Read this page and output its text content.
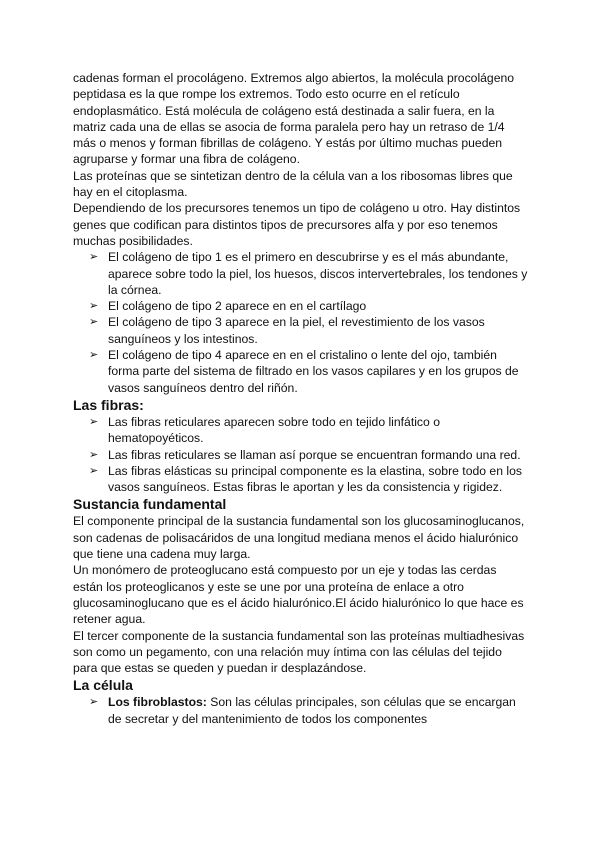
cadenas forman el procolágeno. Extremos algo abiertos, la molécula procolágeno peptidasa es la que rompe los extremos. Todo esto ocurre en el retículo endoplasmático. Está molécula de colágeno está destinada a salir fuera, en la matriz cada una de ellas se asocia de forma paralela pero hay un retraso de 1/4 más o menos y forman fibrillas de colágeno. Y estás por último muchas pueden agruparse y formar una fibra de colágeno.

Las proteínas que se sintetizan dentro de la célula van a los ribosomas libres que hay en el citoplasma.

Dependiendo de los precursores tenemos un tipo de colágeno u otro. Hay distintos genes que codifican para distintos tipos de precursores alfa y por eso tenemos muchas posibilidades.

➢ El colágeno de tipo 1 es el primero en descubrirse y es el más abundante, aparece sobre todo la piel, los huesos, discos intervertebrales, los tendones y la córnea.
➢ El colágeno de tipo 2 aparece en en el cartílago
➢ El colágeno de tipo 3 aparece en la piel, el revestimiento de los vasos sanguíneos y los intestinos.
➢ El colágeno de tipo 4 aparece en en el cristalino o lente del ojo, también forma parte del sistema de filtrado en los vasos capilares y en los grupos de vasos sanguíneos dentro del riñón.
Las fibras:
➢ Las fibras reticulares aparecen sobre todo en tejido linfático o hematopoyéticos.
➢ Las fibras reticulares se llaman así porque se encuentran formando una red.
➢ Las fibras elásticas su principal componente es la elastina, sobre todo en los vasos sanguíneos. Estas fibras le aportan y les da consistencia y rigidez.
Sustancia fundamental

El componente principal de la sustancia fundamental son los glucosaminoglucanos, son cadenas de polisacáridos de una longitud mediana menos el ácido hialurónico que tiene una cadena muy larga.

Un monómero de proteoglucano está compuesto por un eje y todas las cerdas están los proteoglicanos y este se une por una proteína de enlace a otro glucosaminoglucano que es el ácido hialurónico.El ácido hialurónico lo que hace es retener agua.

El tercer componente de la sustancia fundamental son las proteínas multiadhesivas son como un pegamento, con una relación muy íntima con las células del tejido para que estas se queden y puedan ir desplazándose.

La célula
➢ Los fibroblastos: Son las células principales, son células que se encargan de secretar y del mantenimiento de todos los componentes
